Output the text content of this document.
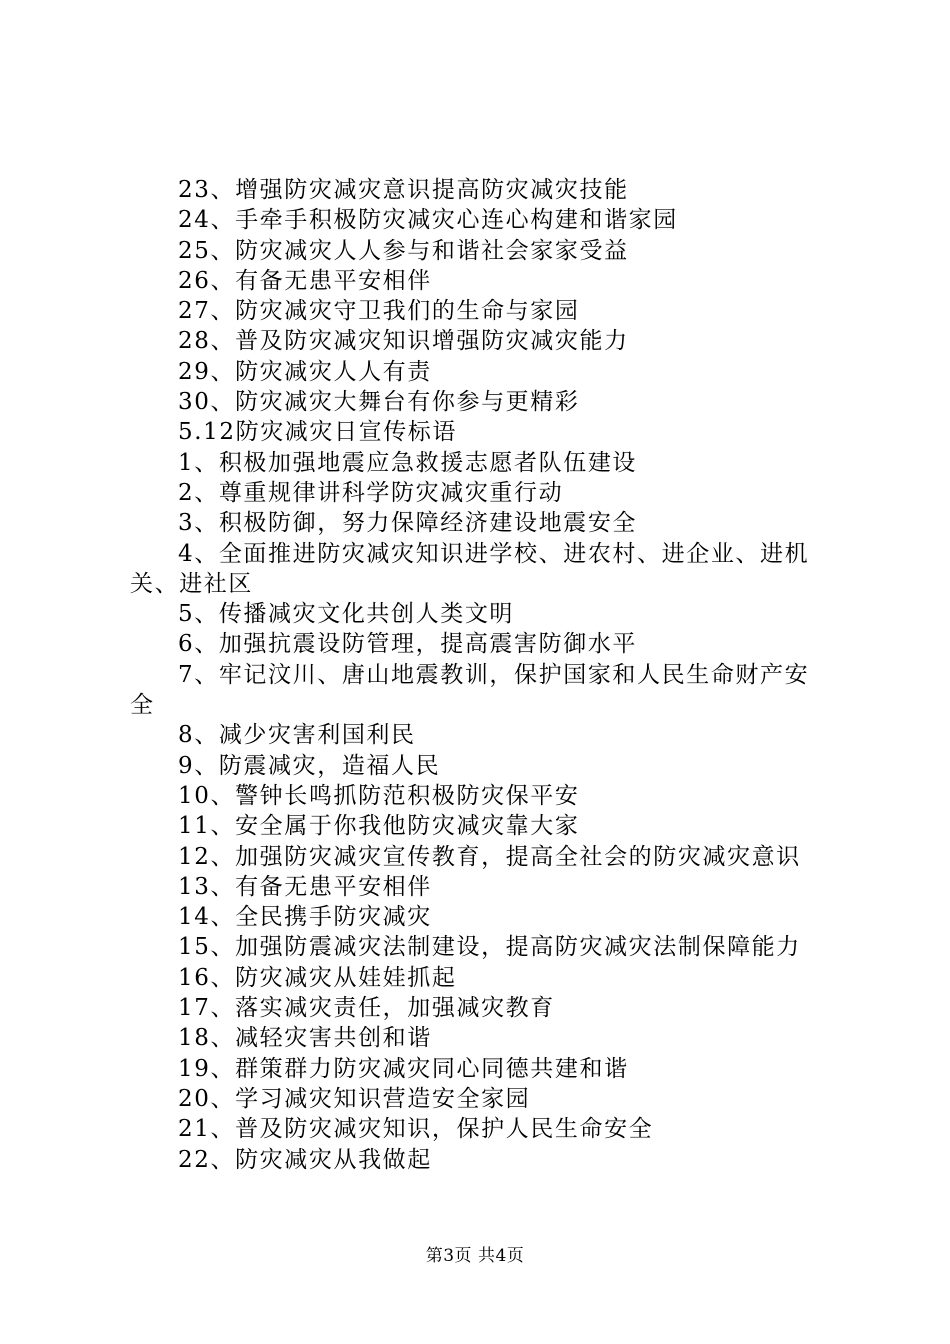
23、增强防灾减灾意识提高防灾减灾技能
24、手牵手积极防灾减灾心连心构建和谐家园
25、防灾减灾人人参与和谐社会家家受益
26、有备无患平安相伴
27、防灾减灾守卫我们的生命与家园
28、普及防灾减灾知识增强防灾减灾能力
29、防灾减灾人人有责
30、防灾减灾大舞台有你参与更精彩
5.12防灾减灾日宣传标语
1、积极加强地震应急救援志愿者队伍建设
2、尊重规律讲科学防灾减灾重行动
3、积极防御，努力保障经济建设地震安全
4、全面推进防灾减灾知识进学校、进农村、进企业、进机关、进社区
5、传播减灾文化共创人类文明
6、加强抗震设防管理，提高震害防御水平
7、牢记汶川、唐山地震教训，保护国家和人民生命财产安全
8、减少灾害利国利民
9、防震减灾，造福人民
10、警钟长鸣抓防范积极防灾保平安
11、安全属于你我他防灾减灾靠大家
12、加强防灾减灾宣传教育，提高全社会的防灾减灾意识
13、有备无患平安相伴
14、全民携手防灾减灾
15、加强防震减灾法制建设，提高防灾减灾法制保障能力
16、防灾减灾从娃娃抓起
17、落实减灾责任，加强减灾教育
18、减轻灾害共创和谐
19、群策群力防灾减灾同心同德共建和谐
20、学习减灾知识营造安全家园
21、普及防灾减灾知识，保护人民生命安全
22、防灾减灾从我做起
第3页 共4页
